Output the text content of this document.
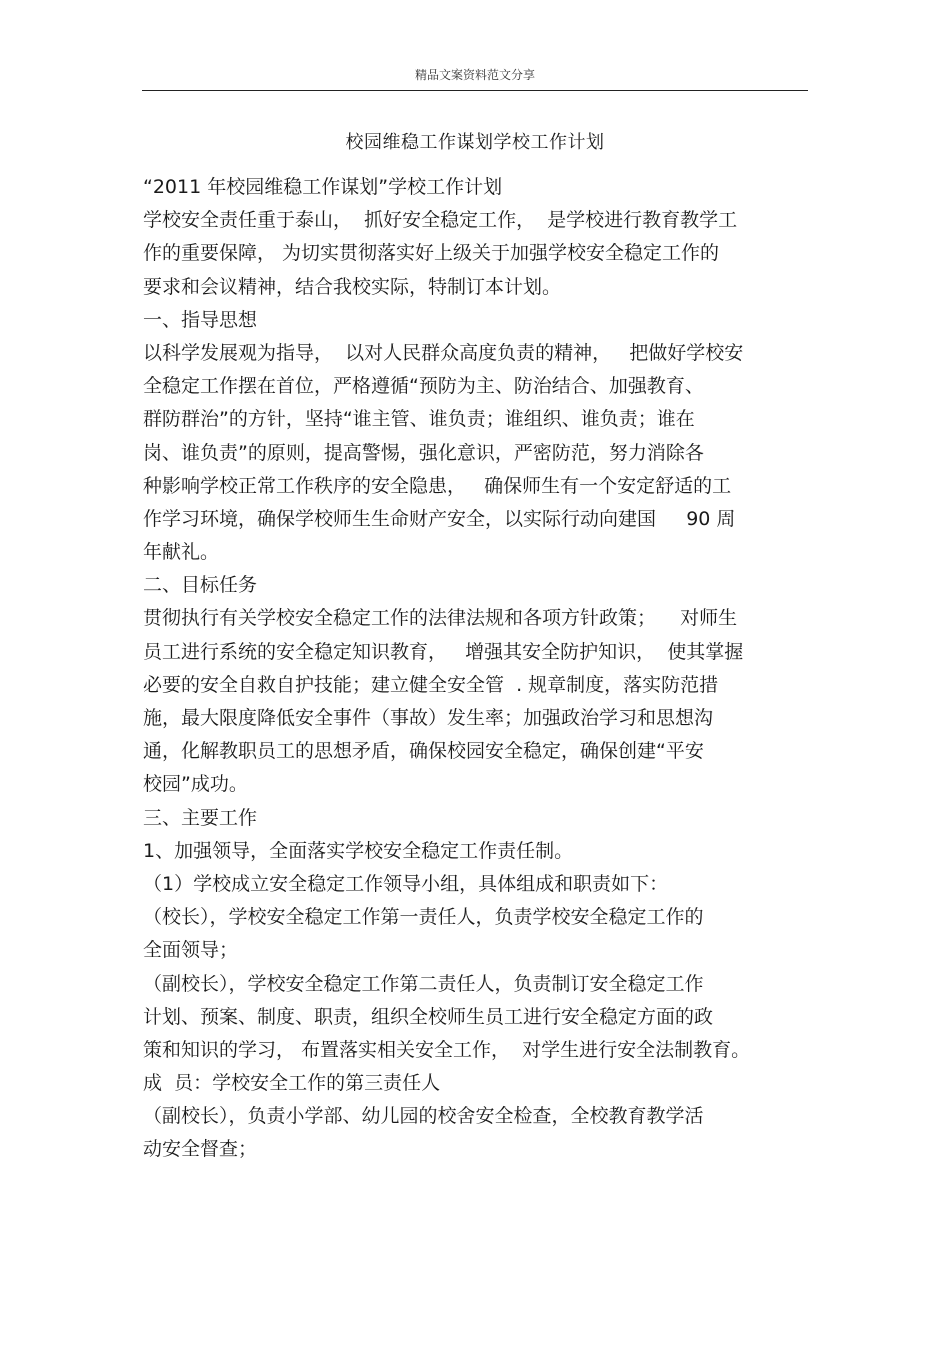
精品文案资料范文分享
校园维稳工作谋划学校工作计划
“2011 年校园维稳工作谋划”学校工作计划
学校安全责任重于泰山，  抓好安全稳定工作，  是学校进行教育教学工
作的重要保障， 为切实贯彻落实好上级关于加强学校安全稳定工作的
要求和会议精神，结合我校实际，特制订本计划。
一、指导思想
以科学发展观为指导，  以对人民群众高度负责的精神，   把做好学校安
全稳定工作摆在首位，严格遵循“预防为主、防治结合、加强教育、
群防群治”的方针，坚持“谁主管、谁负责；谁组织、谁负责；谁在
岗、谁负责”的原则，提高警惕，强化意识，严密防范，努力消除各
种影响学校正常工作秩序的安全隐患，   确保师生有一个安定舒适的工
作学习环境，确保学校师生生命财产安全，以实际行动向建国     90 周
年献礼。
二、目标任务
贯彻执行有关学校安全稳定工作的法律法规和各项方针政策；    对师生
员工进行系统的安全稳定知识教育，   增强其安全防护知识，  使其掌握
必要的安全自救自护技能；建立健全安全管  . 规章制度，落实防范措
施，最大限度降低安全事件（事故）发生率；加强政治学习和思想沟
通，化解教职员工的思想矛盾，确保校园安全稳定，确保创建“平安
校园”成功。
三、主要工作
1、加强领导，全面落实学校安全稳定工作责任制。
（1）学校成立安全稳定工作领导小组，具体组成和职责如下：
（校长），学校安全稳定工作第一责任人，负责学校安全稳定工作的
全面领导；
（副校长），学校安全稳定工作第二责任人，负责制订安全稳定工作
计划、预案、制度、职责，组织全校师生员工进行安全稳定方面的政
策和知识的学习， 布置落实相关安全工作，  对学生进行安全法制教育。
成  员：学校安全工作的第三责任人
（副校长），负责小学部、幼儿园的校舍安全检查，全校教育教学活
动安全督查；
